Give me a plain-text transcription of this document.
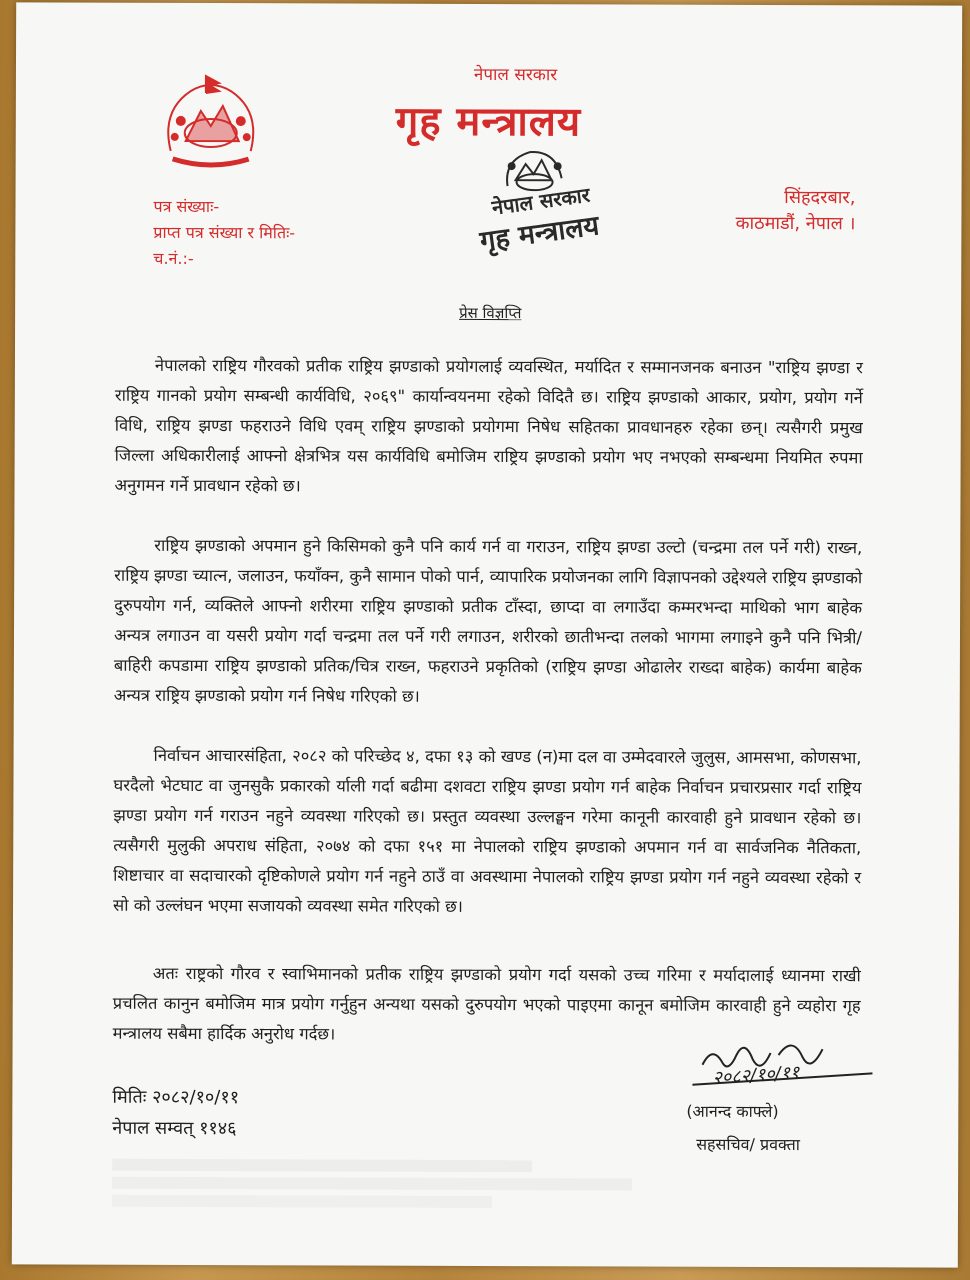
नेपाल सरकार
गृह मन्त्रालय
नेपाल सरकार
गृह मन्त्रालय
पत्र संख्याः-
प्राप्त पत्र संख्या र मितिः-
च.नं.:-
सिंहदरबार,
काठमाडौं, नेपाल ।
प्रेस विज्ञप्ति
नेपालको राष्ट्रिय गौरवको प्रतीक राष्ट्रिय झण्डाको प्रयोगलाई व्यवस्थित, मर्यादित र सम्मानजनक बनाउन "राष्ट्रिय झण्डा र राष्ट्रिय गानको प्रयोग सम्बन्धी कार्यविधि, २०६९" कार्यान्वयनमा रहेको विदितै छ। राष्ट्रिय झण्डाको आकार, प्रयोग, प्रयोग गर्ने विधि, राष्ट्रिय झण्डा फहराउने विधि एवम् राष्ट्रिय झण्डाको प्रयोगमा निषेध सहितका प्रावधानहरु रहेका छन्। त्यसैगरी प्रमुख जिल्ला अधिकारीलाई आफ्नो क्षेत्रभित्र यस कार्यविधि बमोजिम राष्ट्रिय झण्डाको प्रयोग भए नभएको सम्बन्धमा नियमित रुपमा अनुगमन गर्ने प्रावधान रहेको छ।
राष्ट्रिय झण्डाको अपमान हुने किसिमको कुनै पनि कार्य गर्न वा गराउन, राष्ट्रिय झण्डा उल्टो (चन्द्रमा तल पर्ने गरी) राख्न, राष्ट्रिय झण्डा च्यात्न, जलाउन, फयाँक्न, कुनै सामान पोको पार्न, व्यापारिक प्रयोजनका लागि विज्ञापनको उद्देश्यले राष्ट्रिय झण्डाको दुरुपयोग गर्न, व्यक्तिले आफ्नो शरीरमा राष्ट्रिय झण्डाको प्रतीक टाँस्दा, छाप्दा वा लगाउँदा कम्मरभन्दा माथिको भाग बाहेक अन्यत्र लगाउन वा यसरी प्रयोग गर्दा चन्द्रमा तल पर्ने गरी लगाउन, शरीरको छातीभन्दा तलको भागमा लगाइने कुनै पनि भित्री/बाहिरी कपडामा राष्ट्रिय झण्डाको प्रतिक/चित्र राख्न, फहराउने प्रकृतिको (राष्ट्रिय झण्डा ओढालेर राख्दा बाहेक) कार्यमा बाहेक अन्यत्र राष्ट्रिय झण्डाको प्रयोग गर्न निषेध गरिएको छ।
निर्वाचन आचारसंहिता, २०८२ को परिच्छेद ४, दफा १३ को खण्ड (न)मा दल वा उम्मेदवारले जुलुस, आमसभा, कोणसभा, घरदैलो भेटघाट वा जुनसुकै प्रकारको र्याली गर्दा बढीमा दशवटा राष्ट्रिय झण्डा प्रयोग गर्न बाहेक निर्वाचन प्रचारप्रसार गर्दा राष्ट्रिय झण्डा प्रयोग गर्न गराउन नहुने व्यवस्था गरिएको छ। प्रस्तुत व्यवस्था उल्लङ्घन गरेमा कानूनी कारवाही हुने प्रावधान रहेको छ। त्यसैगरी मुलुकी अपराध संहिता, २०७४ को दफा १५१ मा नेपालको राष्ट्रिय झण्डाको अपमान गर्न वा सार्वजनिक नैतिकता, शिष्टाचार वा सदाचारको दृष्टिकोणले प्रयोग गर्न नहुने ठाउँ वा अवस्थामा नेपालको राष्ट्रिय झण्डा प्रयोग गर्न नहुने व्यवस्था रहेको र सो को उल्लंघन भएमा सजायको व्यवस्था समेत गरिएको छ।
अतः राष्ट्रको गौरव र स्वाभिमानको प्रतीक राष्ट्रिय झण्डाको प्रयोग गर्दा यसको उच्च गरिमा र मर्यादालाई ध्यानमा राखी प्रचलित कानुन बमोजिम मात्र प्रयोग गर्नुहुन अन्यथा यसको दुरुपयोग भएको पाइएमा कानून बमोजिम कारवाही हुने व्यहोरा गृह मन्त्रालय सबैमा हार्दिक अनुरोध गर्दछ।
२०८२/१०/११
मितिः २०८२/१०/११
नेपाल सम्वत् ११४६
(आनन्द काफ्ले)
सहसचिव/ प्रवक्ता
